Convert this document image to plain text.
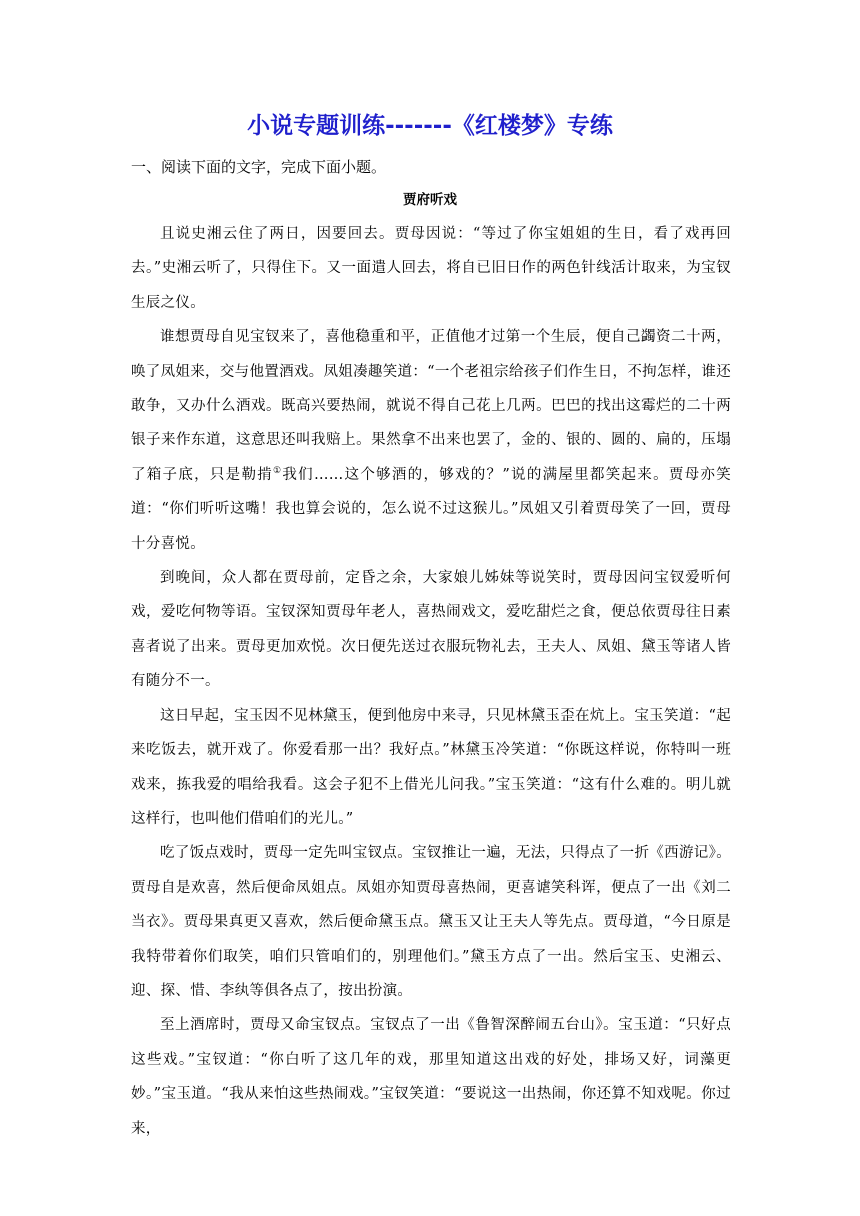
小说专题训练-------《红楼梦》专练

一、阅读下面的文字，完成下面小题。

贾府听戏

且说史湘云住了两日，因要回去。贾母因说：“等过了你宝姐姐的生日，看了戏再回去。”史湘云听了，只得住下。又一面遣人回去，将自已旧日作的两色针线活计取来，为宝钗生辰之仪。

谁想贾母自见宝钗来了，喜他稳重和平，正值他才过第一个生辰，便自己蠲资二十两，唤了凤姐来，交与他置酒戏。凤姐凑趣笑道：“一个老祖宗给孩子们作生日，不拘怎样，谁还敢争，又办什么酒戏。既高兴要热闹，就说不得自己花上几两。巴巴的找出这霉烂的二十两银子来作东道，这意思还叫我赔上。果然拿不出来也罢了，金的、银的、圆的、扁的，压塌了箱子底，只是勒掯①我们……这个够酒的，够戏的？”说的满屋里都笑起来。贾母亦笑道：“你们听听这嘴！我也算会说的，怎么说不过这猴儿。”凤姐又引着贾母笑了一回，贾母十分喜悦。

到晚间，众人都在贾母前，定昏之余，大家娘儿姊妹等说笑时，贾母因问宝钗爱听何戏，爱吃何物等语。宝钗深知贾母年老人，喜热闹戏文，爱吃甜烂之食，便总依贾母往日素喜者说了出来。贾母更加欢悦。次日便先送过衣服玩物礼去，王夫人、凤姐、黛玉等诸人皆有随分不一。

这日早起，宝玉因不见林黛玉，便到他房中来寻，只见林黛玉歪在炕上。宝玉笑道：“起来吃饭去，就开戏了。你爱看那一出？我好点。”林黛玉冷笑道：“你既这样说，你特叫一班戏来，拣我爱的唱给我看。这会子犯不上借光儿问我。”宝玉笑道：“这有什么难的。明儿就这样行，也叫他们借咱们的光儿。”

吃了饭点戏时，贾母一定先叫宝钗点。宝钗推让一遍，无法，只得点了一折《西游记》。贾母自是欢喜，然后便命凤姐点。凤姐亦知贾母喜热闹，更喜谑笑科诨，便点了一出《刘二当衣》。贾母果真更又喜欢，然后便命黛玉点。黛玉又让王夫人等先点。贾母道，“今日原是我特带着你们取笑，咱们只管咱们的，别理他们。”黛玉方点了一出。然后宝玉、史湘云、迎、探、惜、李纨等俱各点了，按出扮演。

至上酒席时，贾母又命宝钗点。宝钗点了一出《鲁智深醉闹五台山》。宝玉道：“只好点这些戏。”宝钗道：“你白听了这几年的戏，那里知道这出戏的好处，排场又好，词藻更妙。”宝玉道。“我从来怕这些热闹戏。”宝钗笑道：“要说这一出热闹，你还算不知戏呢。你过来，
